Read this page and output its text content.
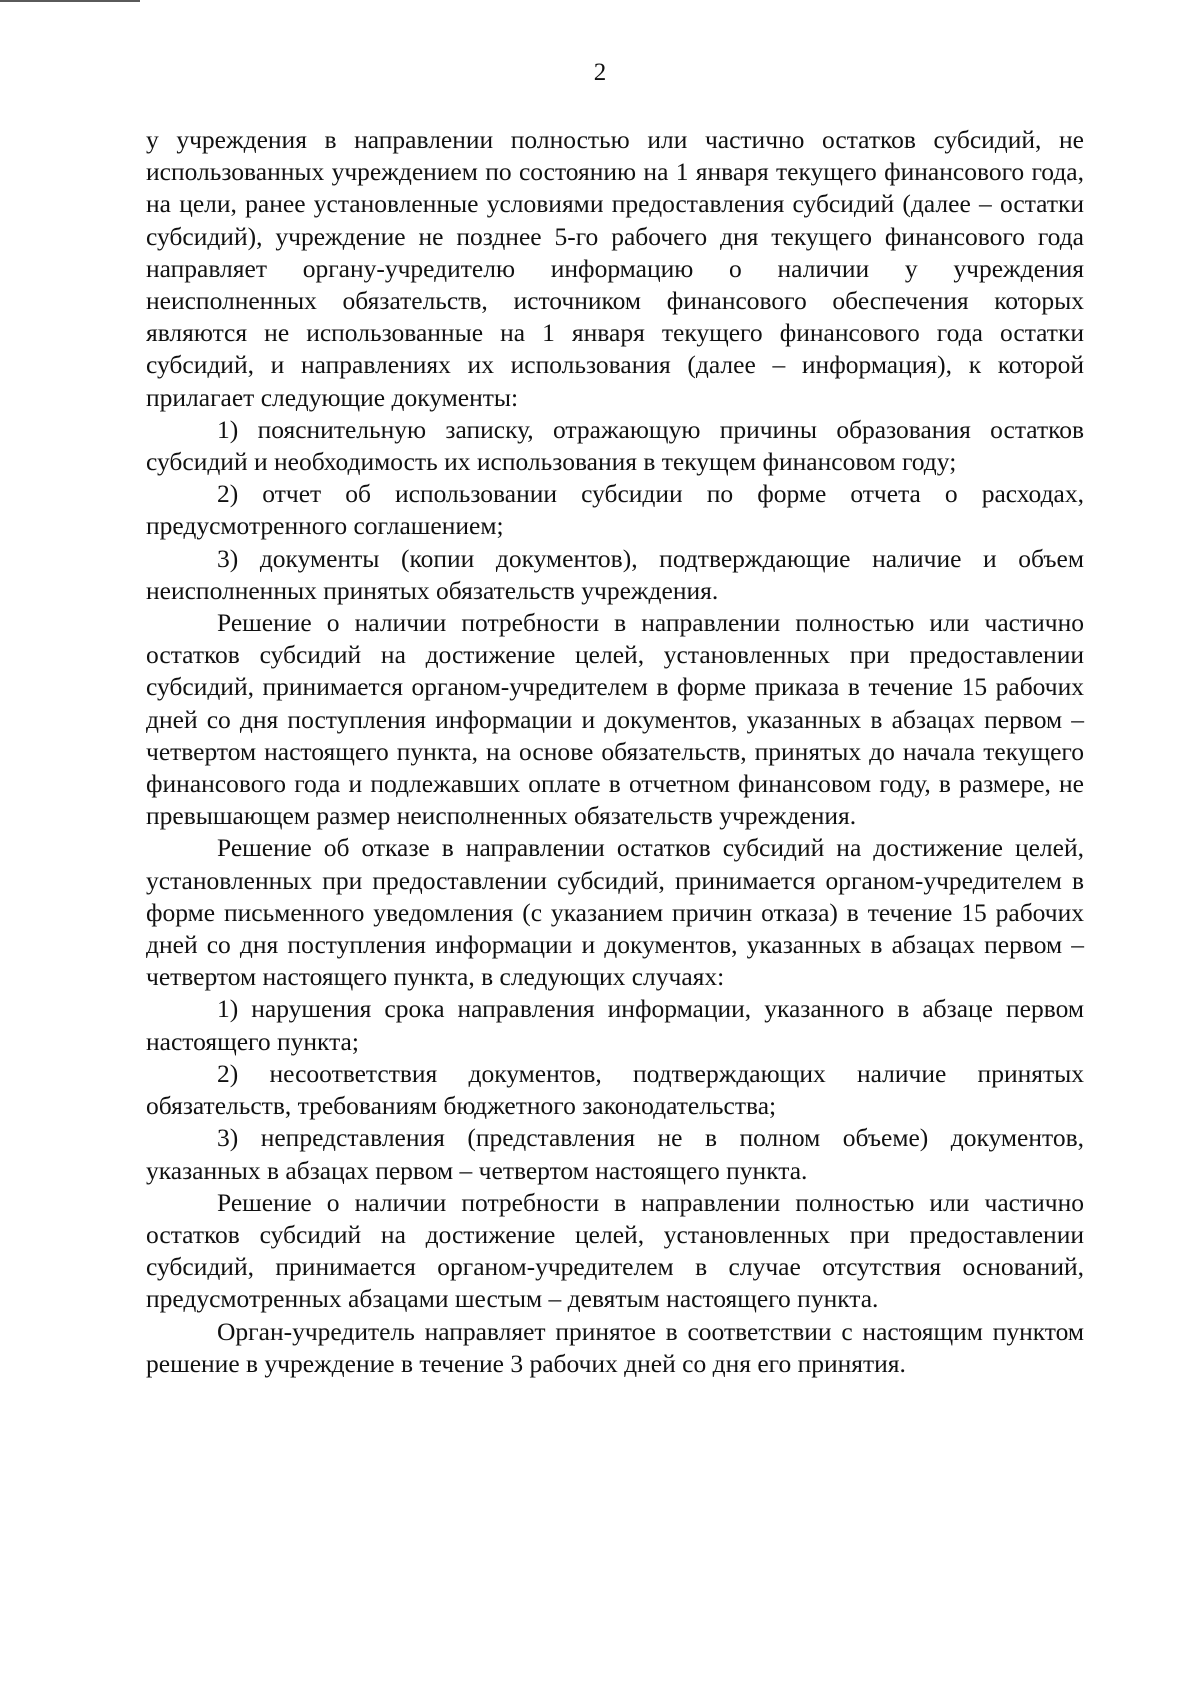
2

у учреждения в направлении полностью или частично остатков субсидий, не использованных учреждением по состоянию на 1 января текущего финансового года, на цели, ранее установленные условиями предоставления субсидий (далее – остатки субсидий), учреждение не позднее 5-го рабочего дня текущего финансового года направляет органу-учредителю информацию о наличии у учреждения неисполненных обязательств, источником финансового обеспечения которых являются не использованные на 1 января текущего финансового года остатки субсидий, и направлениях их использования (далее – информация), к которой прилагает следующие документы:

1) пояснительную записку, отражающую причины образования остатков субсидий и необходимость их использования в текущем финансовом году;

2) отчет об использовании субсидии по форме отчета о расходах, предусмотренного соглашением;

3) документы (копии документов), подтверждающие наличие и объем неисполненных принятых обязательств учреждения.

Решение о наличии потребности в направлении полностью или частично остатков субсидий на достижение целей, установленных при предоставлении субсидий, принимается органом-учредителем в форме приказа в течение 15 рабочих дней со дня поступления информации и документов, указанных в абзацах первом – четвертом настоящего пункта, на основе обязательств, принятых до начала текущего финансового года и подлежавших оплате в отчетном финансовом году, в размере, не превышающем размер неисполненных обязательств учреждения.

Решение об отказе в направлении остатков субсидий на достижение целей, установленных при предоставлении субсидий, принимается органом-учредителем в форме письменного уведомления (с указанием причин отказа) в течение 15 рабочих дней со дня поступления информации и документов, указанных в абзацах первом – четвертом настоящего пункта, в следующих случаях:

1) нарушения срока направления информации, указанного в абзаце первом настоящего пункта;

2) несоответствия документов, подтверждающих наличие принятых обязательств, требованиям бюджетного законодательства;

3) непредставления (представления не в полном объеме) документов, указанных в абзацах первом – четвертом настоящего пункта.

Решение о наличии потребности в направлении полностью или частично остатков субсидий на достижение целей, установленных при предоставлении субсидий, принимается органом-учредителем в случае отсутствия оснований, предусмотренных абзацами шестым – девятым настоящего пункта.

Орган-учредитель направляет принятое в соответствии с настоящим пунктом решение в учреждение в течение 3 рабочих дней со дня его принятия.
